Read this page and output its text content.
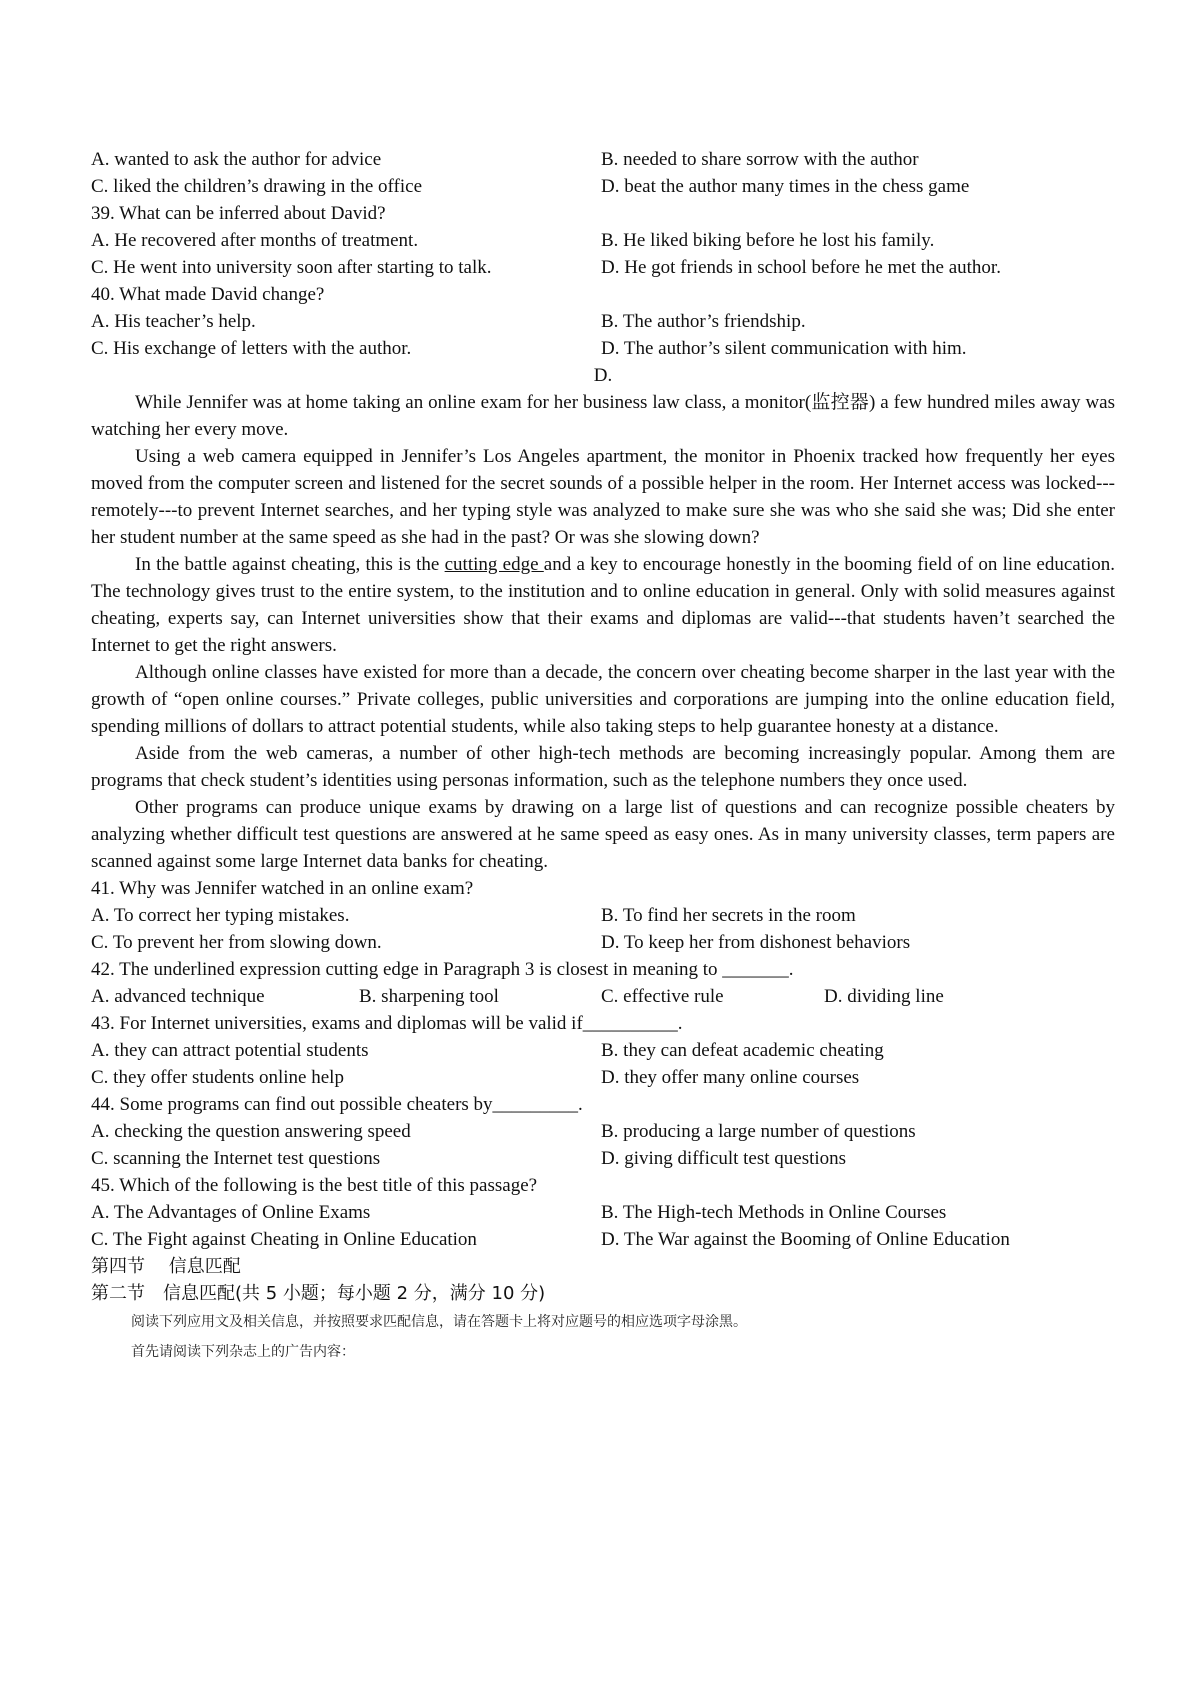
A. wanted to ask the author for advice	B. needed to share sorrow with the author
C. liked the children’s drawing in the office	D. beat the author many times in the chess game
39. What can be inferred about David?
A. He recovered after months of treatment.	B. He liked biking before he lost his family.
C. He went into university soon after starting to talk.	D. He got friends in school before he met the author.
40. What made David change?
A. His teacher’s help.	B. The author’s friendship.
C. His exchange of letters with the author.	D. The author’s silent communication with him.
D.

While Jennifer was at home taking an online exam for her business law class, a monitor(监控器) a few hundred miles away was watching her every move.

Using a web camera equipped in Jennifer’s Los Angeles apartment, the monitor in Phoenix tracked how frequently her eyes moved from the computer screen and listened for the secret sounds of a possible helper in the room. Her Internet access was locked---remotely---to prevent Internet searches, and her typing style was analyzed to make sure she was who she said she was; Did she enter her student number at the same speed as she had in the past? Or was she slowing down?

In the battle against cheating, this is the cutting edge and a key to encourage honestly in the booming field of on line education. The technology gives trust to the entire system, to the institution and to online education in general. Only with solid measures against cheating, experts say, can Internet universities show that their exams and diplomas are valid---that students haven’t searched the Internet to get the right answers.

Although online classes have existed for more than a decade, the concern over cheating become sharper in the last year with the growth of “open online courses.” Private colleges, public universities and corporations are jumping into the online education field, spending millions of dollars to attract potential students, while also taking steps to help guarantee honesty at a distance.

Aside from the web cameras, a number of other high-tech methods are becoming increasingly popular. Among them are programs that check student’s identities using personas information, such as the telephone numbers they once used.

Other programs can produce unique exams by drawing on a large list of questions and can recognize possible cheaters by analyzing whether difficult test questions are answered at he same speed as easy ones. As in many university classes, term papers are scanned against some large Internet data banks for cheating.

41. Why was Jennifer watched in an online exam?
A. To correct her typing mistakes.	B. To find her secrets in the room
C. To prevent her from slowing down.	D. To keep her from dishonest behaviors
42. The underlined expression cutting edge in Paragraph 3 is closest in meaning to _______.
A. advanced technique	B. sharpening tool	C. effective rule	D. dividing line
43. For Internet universities, exams and diplomas will be valid if__________.
A. they can attract potential students	B. they can defeat academic cheating
C. they offer students online help	D. they offer many online courses
44. Some programs can find out possible cheaters by_________.
A. checking the question answering speed	B. producing a large number of questions
C. scanning the Internet test questions	D. giving difficult test questions
45. Which of the following is the best title of this passage?
A. The Advantages of Online Exams	B. The High-tech Methods in Online Courses
C. The Fight against Cheating in Online Education	D. The War against the Booming of Online Education
第四节　 信息匹配
第二节　信息匹配(共 5 小题；每小题 2 分，满分 10 分)
阅读下列应用文及相关信息，并按照要求匹配信息，请在答题卡上将对应题号的相应选项字母涂黑。
首先请阅读下列杂志上的广告内容：
